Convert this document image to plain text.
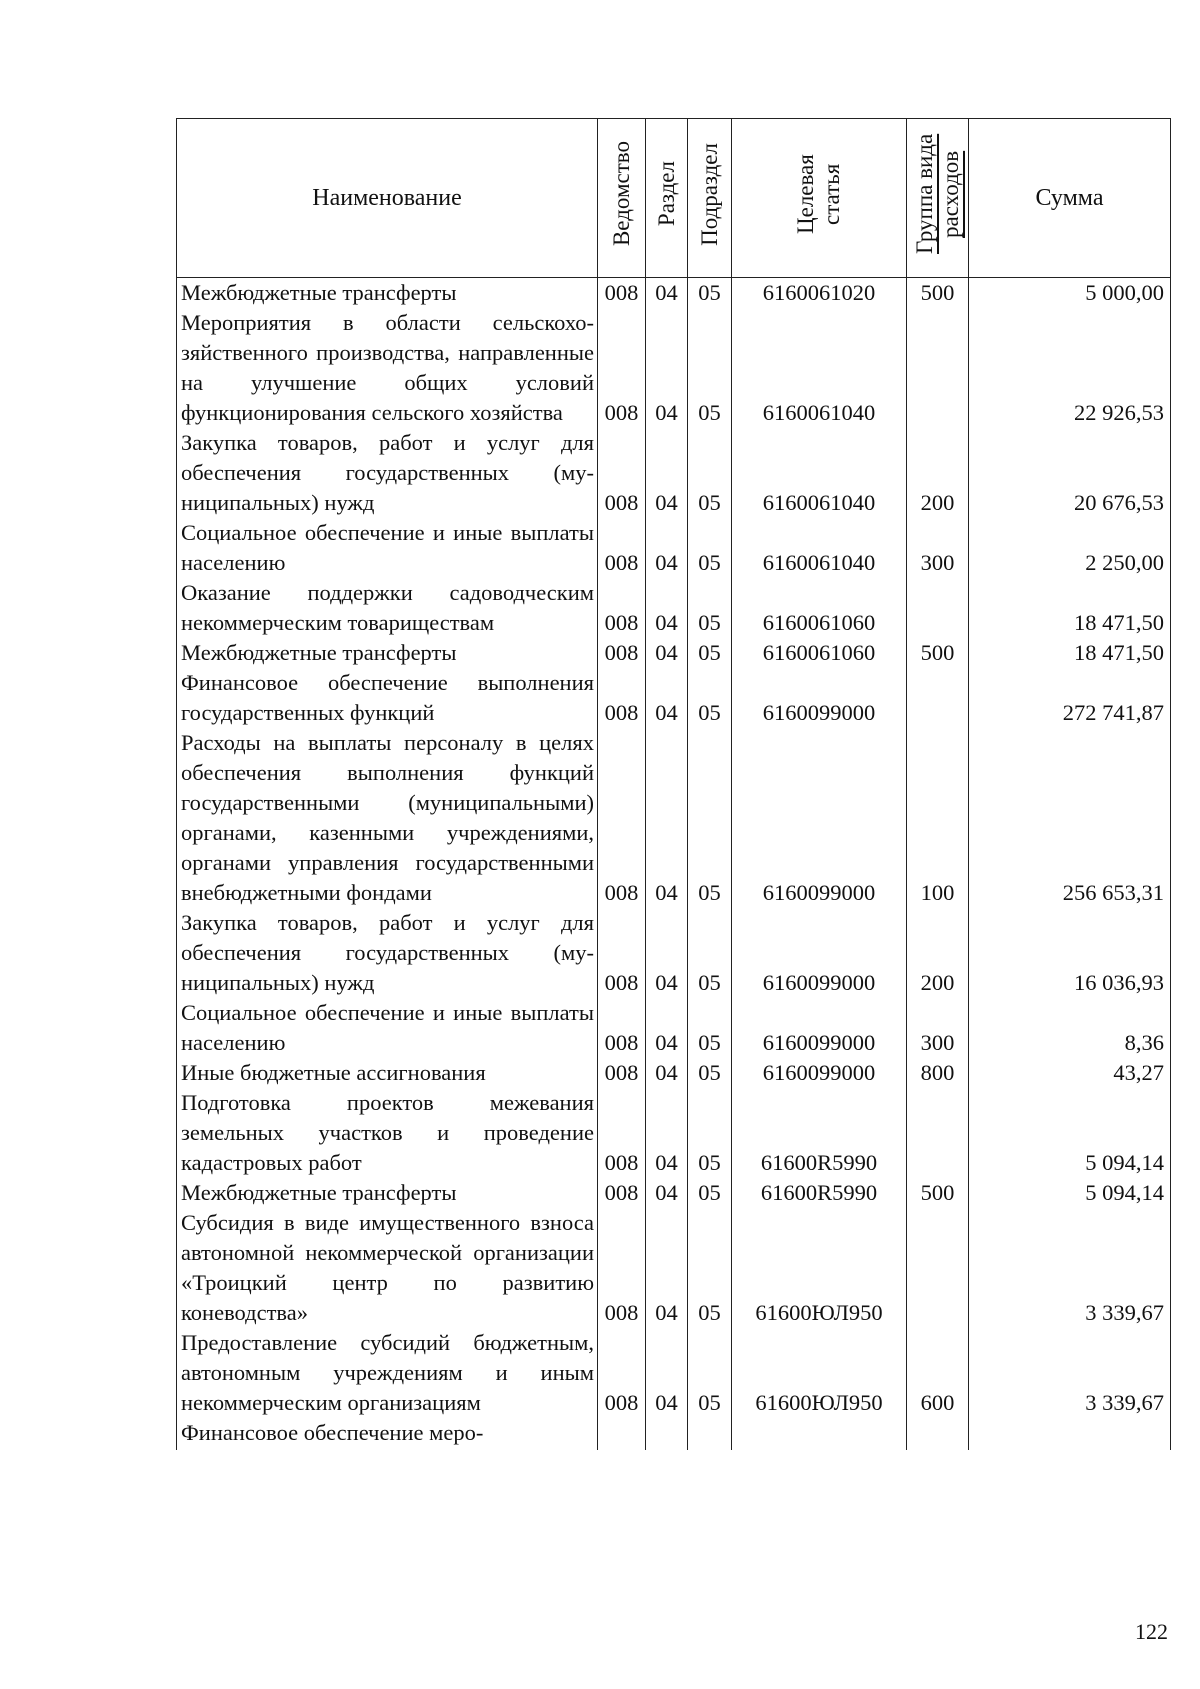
Наименование	Ведомство	Раздел	Подраздел	Целевая статья	Группа вида расходов	Сумма
Межбюджетные трансферты	008	04	05	6160061020	500	5 000,00
Мероприятия в области сельскохозяйственного производства, направленные на улучшение общих условий функционирования сельского хозяйства	008	04	05	6160061040		22 926,53
Закупка товаров, работ и услуг для обеспечения государственных (муниципальных) нужд	008	04	05	6160061040	200	20 676,53
Социальное обеспечение и иные выплаты населению	008	04	05	6160061040	300	2 250,00
Оказание поддержки садоводческим некоммерческим товариществам	008	04	05	6160061060		18 471,50
Межбюджетные трансферты	008	04	05	6160061060	500	18 471,50
Финансовое обеспечение выполнения государственных функций	008	04	05	6160099000		272 741,87
Расходы на выплаты персоналу в целях обеспечения выполнения функций государственными (муниципальными) органами, казенными учреждениями, органами управления государственными внебюджетными фондами	008	04	05	6160099000	100	256 653,31
Закупка товаров, работ и услуг для обеспечения государственных (муниципальных) нужд	008	04	05	6160099000	200	16 036,93
Социальное обеспечение и иные выплаты населению	008	04	05	6160099000	300	8,36
Иные бюджетные ассигнования	008	04	05	6160099000	800	43,27
Подготовка проектов межевания земельных участков и проведение кадастровых работ	008	04	05	61600R5990		5 094,14
Межбюджетные трансферты	008	04	05	61600R5990	500	5 094,14
Субсидия в виде имущественного взноса автономной некоммерческой организации «Троицкий центр по развитию коневодства»	008	04	05	61600ЮЛ950		3 339,67
Предоставление субсидий бюджетным, автономным учреждениям и иным некоммерческим организациям	008	04	05	61600ЮЛ950	600	3 339,67
Финансовое обеспечение меро-						
122
